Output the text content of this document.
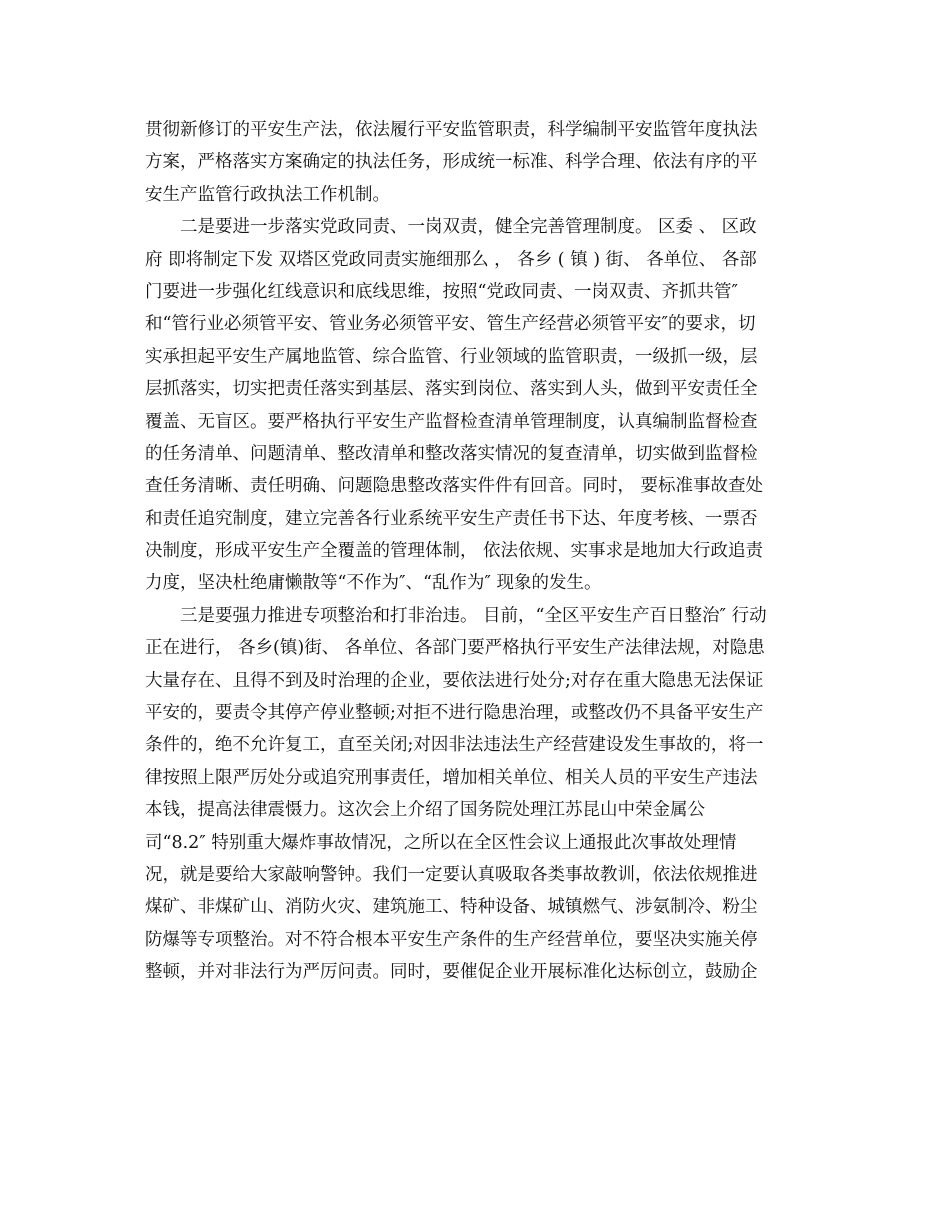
贯彻新修订的平安生产法，依法履行平安监管职责，科学编制平安监管年度执法
方案，严格落实方案确定的执法任务，形成统一标准、科学合理、依法有序的平
安生产监管行政执法工作机制。
　　二是要进一步落实党政同责、一岗双责，健全完善管理制度。 区委 、 区政
府 即将制定下发 双塔区党政同责实施细那么 ， 各乡 ( 镇 ) 街、 各单位、 各部
门要进一步强化红线意识和底线思维，按照“党政同责、一岗双责、齐抓共管″
和“管行业必须管平安、管业务必须管平安、管生产经营必须管平安″的要求，切
实承担起平安生产属地监管、综合监管、行业领域的监管职责，一级抓一级，层
层抓落实，切实把责任落实到基层、落实到岗位、落实到人头，做到平安责任全
覆盖、无盲区。要严格执行平安生产监督检查清单管理制度，认真编制监督检查
的任务清单、问题清单、整改清单和整改落实情况的复查清单，切实做到监督检
查任务清晰、责任明确、问题隐患整改落实件件有回音。同时， 要标准事故查处
和责任追究制度，建立完善各行业系统平安生产责任书下达、年度考核、一票否
决制度，形成平安生产全覆盖的管理体制， 依法依规、实事求是地加大行政追责
力度，坚决杜绝庸懒散等“不作为″、“乱作为″ 现象的发生。
　　三是要强力推进专项整治和打非治违。 目前，“全区平安生产百日整治″ 行动
正在进行， 各乡(镇)街、 各单位、各部门要严格执行平安生产法律法规，对隐患
大量存在、且得不到及时治理的企业，要依法进行处分;对存在重大隐患无法保证
平安的，要责令其停产停业整顿;对拒不进行隐患治理，或整改仍不具备平安生产
条件的，绝不允许复工，直至关闭;对因非法违法生产经营建设发生事故的，将一
律按照上限严厉处分或追究刑事责任，增加相关单位、相关人员的平安生产违法
本钱，提高法律震慑力。这次会上介绍了国务院处理江苏昆山中荣金属公
司“8.2″ 特别重大爆炸事故情况，之所以在全区性会议上通报此次事故处理情
况，就是要给大家敲响警钟。我们一定要认真吸取各类事故教训，依法依规推进
煤矿、非煤矿山、消防火灾、建筑施工、特种设备、城镇燃气、涉氨制冷、粉尘
防爆等专项整治。对不符合根本平安生产条件的生产经营单位，要坚决实施关停
整顿，并对非法行为严厉问责。同时，要催促企业开展标准化达标创立，鼓励企
